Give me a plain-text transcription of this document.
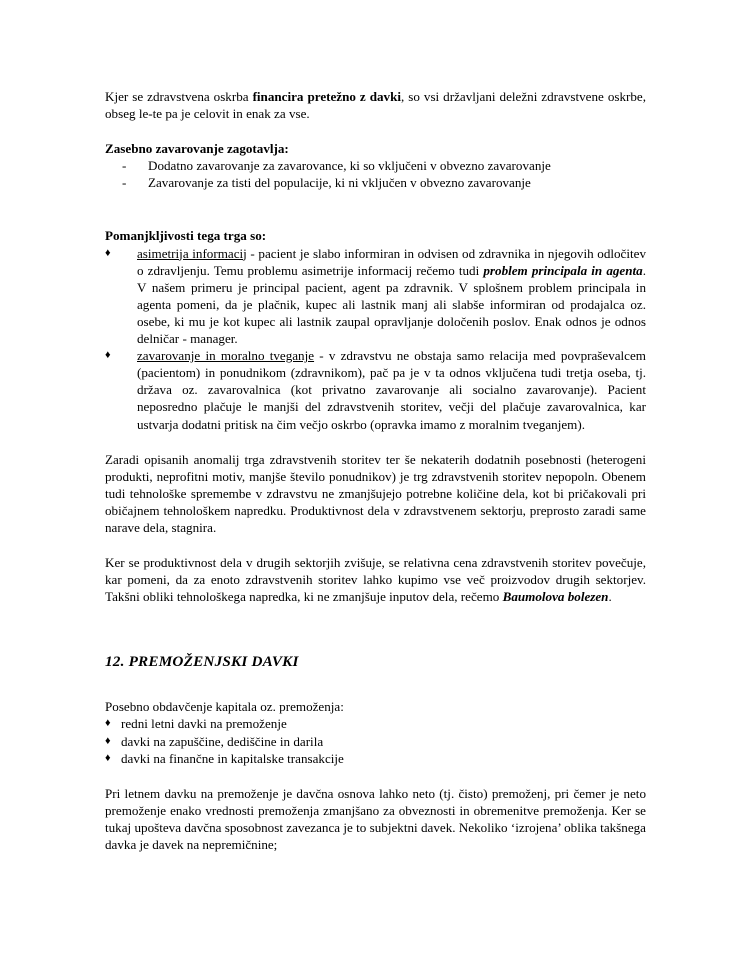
Kjer se zdravstvena oskrba financira pretežno z davki, so vsi državljani deležni zdravstvene oskrbe, obseg le-te pa je celovit in enak za vse.

Zasebno zavarovanje zagotavlja:

- Dodatno zavarovanje za zavarovance, ki so vključeni v obvezno zavarovanje
- Zavarovanje za tisti del populacije, ki ni vključen v obvezno zavarovanje

Pomanjkljivosti tega trga so:

♦ asimetrija informacij - pacient je slabo informiran in odvisen od zdravnika in njegovih odločitev o zdravljenju. Temu problemu asimetrije informacij rečemo tudi problem principala in agenta. V našem primeru je principal pacient, agent pa zdravnik. V splošnem problem principala in agenta pomeni, da je plačnik, kupec ali lastnik manj ali slabše informiran od prodajalca oz. osebe, ki mu je kot kupec ali lastnik zaupal opravljanje določenih poslov. Enak odnos je odnos delničar - manager.
♦ zavarovanje in moralno tveganje - v zdravstvu ne obstaja samo relacija med povpraševalcem (pacientom) in ponudnikom (zdravnikom), pač pa je v ta odnos vključena tudi tretja oseba, tj. država oz. zavarovalnica (kot privatno zavarovanje ali socialno zavarovanje). Pacient neposredno plačuje le manjši del zdravstvenih storitev, večji del plačuje zavarovalnica, kar ustvarja dodatni pritisk na čim večjo oskrbo (opravka imamo z moralnim tveganjem).

Zaradi opisanih anomalij trga zdravstvenih storitev ter še nekaterih dodatnih posebnosti (heterogeni produkti, neprofitni motiv, manjše število ponudnikov) je trg zdravstvenih storitev nepopoln. Obenem tudi tehnološke spremembe v zdravstvu ne zmanjšujejo potrebne količine dela, kot bi pričakovali pri običajnem tehnološkem napredku. Produktivnost dela v zdravstvenem sektorju, preprosto zaradi same narave dela, stagnira.

Ker se produktivnost dela v drugih sektorjih zvišuje, se relativna cena zdravstvenih storitev povečuje, kar pomeni, da za enoto zdravstvenih storitev lahko kupimo vse več proizvodov drugih sektorjev. Takšni obliki tehnološkega napredka, ki ne zmanjšuje inputov dela, rečemo Baumolova bolezen.

12. PREMOŽENJSKI DAVKI

Posebno obdavčenje kapitala oz. premoženja:

♦ redni letni davki na premoženje
♦ davki na zapuščine, dediščine in darila
♦ davki na finančne in kapitalske transakcije

Pri letnem davku na premoženje je davčna osnova lahko neto (tj. čisto) premoženj, pri čemer je neto premoženje enako vrednosti premoženja zmanjšano za obveznosti in obremenitve premoženja. Ker se tukaj upošteva davčna sposobnost zavezanca je to subjektni davek. Nekoliko ‘izrojena’ oblika takšnega davka je davek na nepremičnine;
